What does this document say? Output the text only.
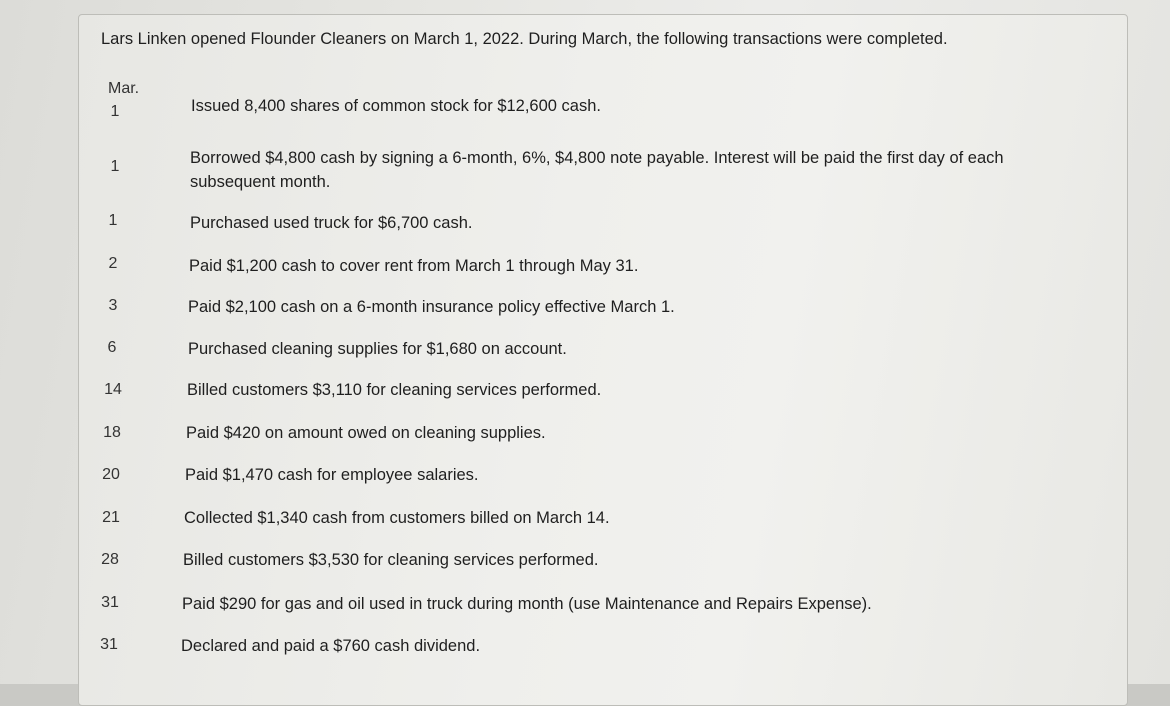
Lars Linken opened Flounder Cleaners on March 1, 2022. During March, the following transactions were completed.
Mar.
1	Issued 8,400 shares of common stock for $12,600 cash.
1	Borrowed $4,800 cash by signing a 6-month, 6%, $4,800 note payable. Interest will be paid the first day of each subsequent month.
1	Purchased used truck for $6,700 cash.
2	Paid $1,200 cash to cover rent from March 1 through May 31.
3	Paid $2,100 cash on a 6-month insurance policy effective March 1.
6	Purchased cleaning supplies for $1,680 on account.
14	Billed customers $3,110 for cleaning services performed.
18	Paid $420 on amount owed on cleaning supplies.
20	Paid $1,470 cash for employee salaries.
21	Collected $1,340 cash from customers billed on March 14.
28	Billed customers $3,530 for cleaning services performed.
31	Paid $290 for gas and oil used in truck during month (use Maintenance and Repairs Expense).
31	Declared and paid a $760 cash dividend.
